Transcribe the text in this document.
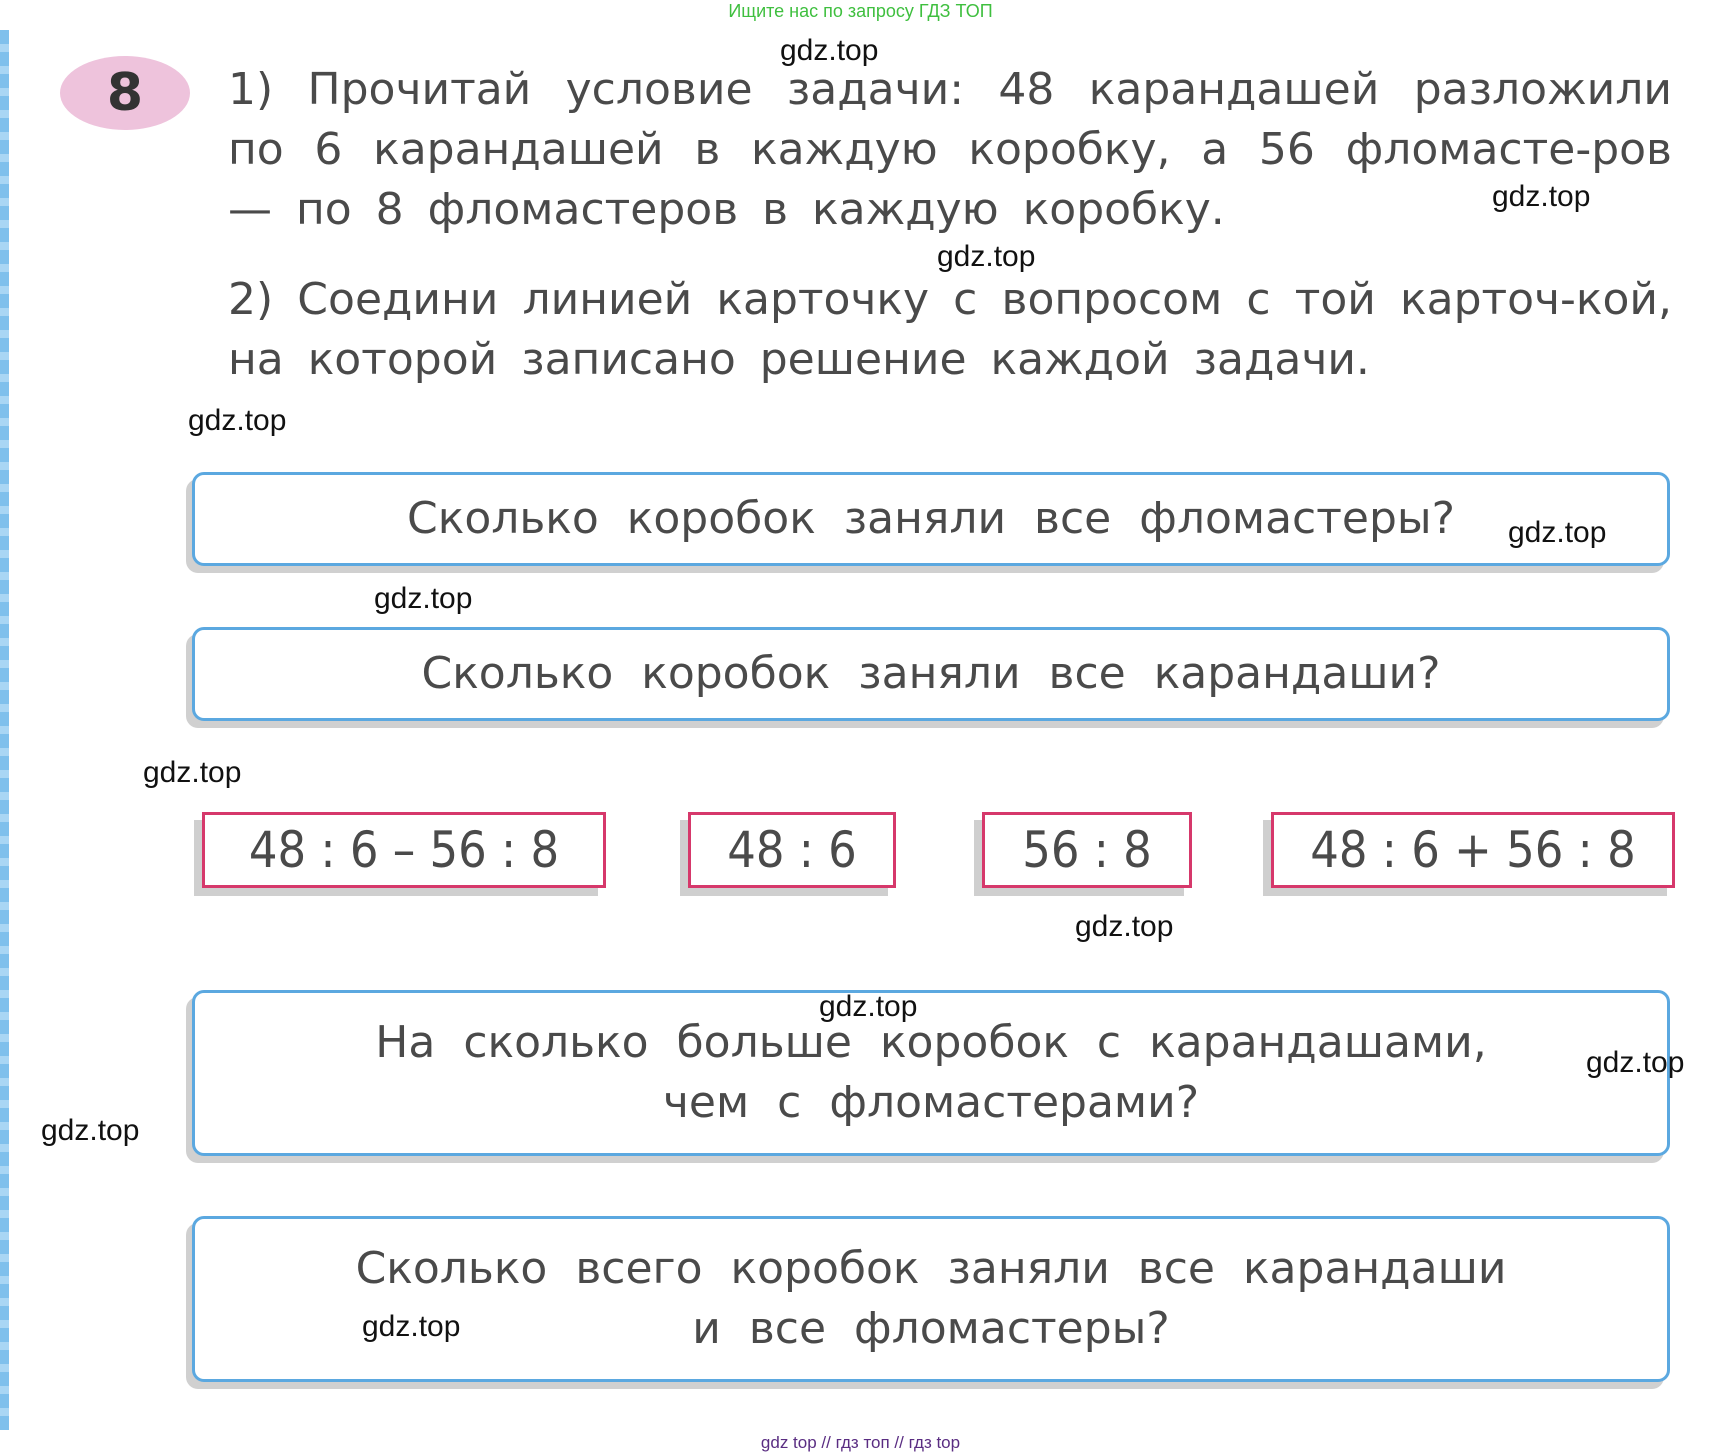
Ищите нас по запросу ГДЗ ТОП
8 1) Прочитай условие задачи: 48 карандашей разложили по 6 карандашей в каждую коробку, а 56 фломасте-ров — по 8 фломастеров в каждую коробку.

2) Соедини линией карточку с вопросом с той карточ-кой, на которой записано решение каждой задачи.

Сколько коробок заняли все фломастеры?
Сколько коробок заняли все карандаши?
На сколько больше коробок с карандашами,
чем с фломастерами?
Сколько всего коробок заняли все карандаши
и все фломастеры?
48 : 6 – 56 : 8	48 : 6	56 : 8	48 : 6 + 56 : 8
gdz.top
gdz.top
gdz.top
gdz.top
gdz.top
gdz.top
gdz.top
gdz.top
gdz.top
gdz.top
gdz.top
gdz.top
gdz top // гдз топ // гдз top
